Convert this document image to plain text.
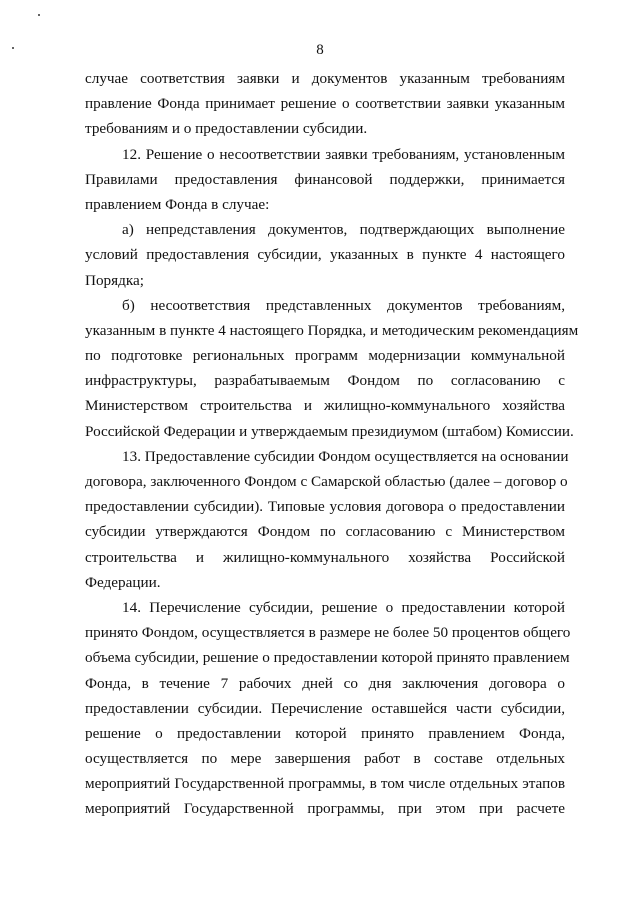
8
случае соответствия заявки и документов указанным требованиям
правление Фонда принимает решение о соответствии заявки указанным
требованиям и о предоставлении субсидии.
12. Решение о несоответствии заявки требованиям, установленным
Правилами предоставления финансовой поддержки, принимается
правлением Фонда в случае:
а) непредставления документов, подтверждающих выполнение
условий предоставления субсидии, указанных в пункте 4 настоящего
Порядка;
б) несоответствия представленных документов требованиям,
указанным в пункте 4 настоящего Порядка, и методическим рекомендациям
по подготовке региональных программ модернизации коммунальной
инфраструктуры, разрабатываемым Фондом по согласованию с
Министерством строительства и жилищно-коммунального хозяйства
Российской Федерации и утверждаемым президиумом (штабом) Комиссии.
13. Предоставление субсидии Фондом осуществляется на основании
договора, заключенного Фондом с Самарской областью (далее – договор о
предоставлении субсидии). Типовые условия договора о предоставлении
субсидии утверждаются Фондом по согласованию с Министерством
строительства и жилищно-коммунального хозяйства Российской
Федерации.
14. Перечисление субсидии, решение о предоставлении которой
принято Фондом, осуществляется в размере не более 50 процентов общего
объема субсидии, решение о предоставлении которой принято правлением
Фонда, в течение 7 рабочих дней со дня заключения договора о
предоставлении субсидии. Перечисление оставшейся части субсидии,
решение о предоставлении которой принято правлением Фонда,
осуществляется по мере завершения работ в составе отдельных
мероприятий Государственной программы, в том числе отдельных этапов
мероприятий Государственной программы, при этом при расчете
